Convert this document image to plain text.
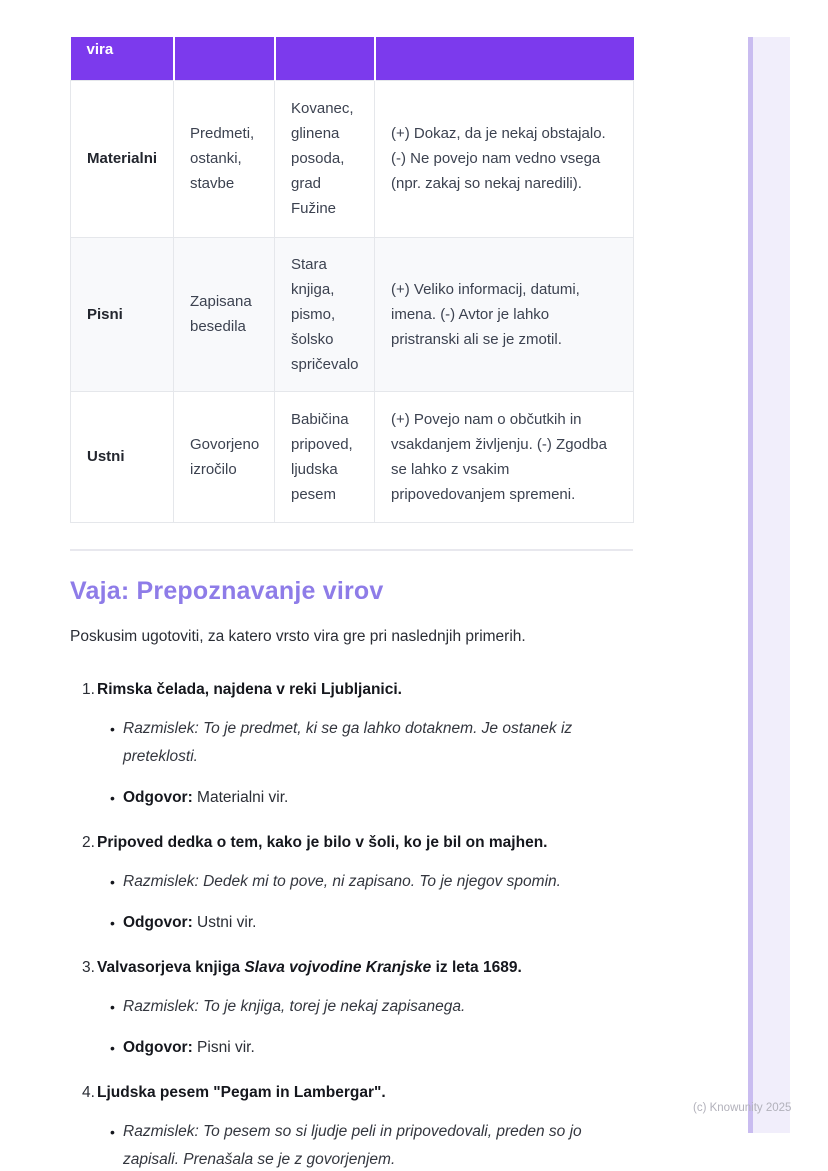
(c) Knowunity 2025
vira			
Materialni	Predmeti, ostanki, stavbe	Kovanec, glinena posoda, grad Fužine	(+) Dokaz, da je nekaj obstajalo. (-) Ne povejo nam vedno vsega (npr. zakaj so nekaj naredili).
Pisni	Zapisana besedila	Stara knjiga, pismo, šolsko spričevalo	(+) Veliko informacij, datumi, imena. (-) Avtor je lahko pristranski ali se je zmotil.
Ustni	Govorjeno izročilo	Babičina pripoved, ljudska pesem	(+) Povejo nam o občutkih in vsakdanjem življenju. (-) Zgodba se lahko z vsakim pripovedovanjem spremeni.
Vaja: Prepoznavanje virov

Poskusim ugotoviti, za katero vrsto vira gre pri naslednjih primerih.

1. Rimska čelada, najdena v reki Ljubljanici.
• Razmislek: To je predmet, ki se ga lahko dotaknem. Je ostanek iz preteklosti.
• Odgovor: Materialni vir.
2. Pripoved dedka o tem, kako je bilo v šoli, ko je bil on majhen.
• Razmislek: Dedek mi to pove, ni zapisano. To je njegov spomin.
• Odgovor: Ustni vir.
3. Valvasorjeva knjiga Slava vojvodine Kranjske iz leta 1689.
• Razmislek: To je knjiga, torej je nekaj zapisanega.
• Odgovor: Pisni vir.
4. Ljudska pesem "Pegam in Lambergar".
• Razmislek: To pesem so si ljudje peli in pripovedovali, preden so jo zapisali. Prenašala se je z govorjenjem.
